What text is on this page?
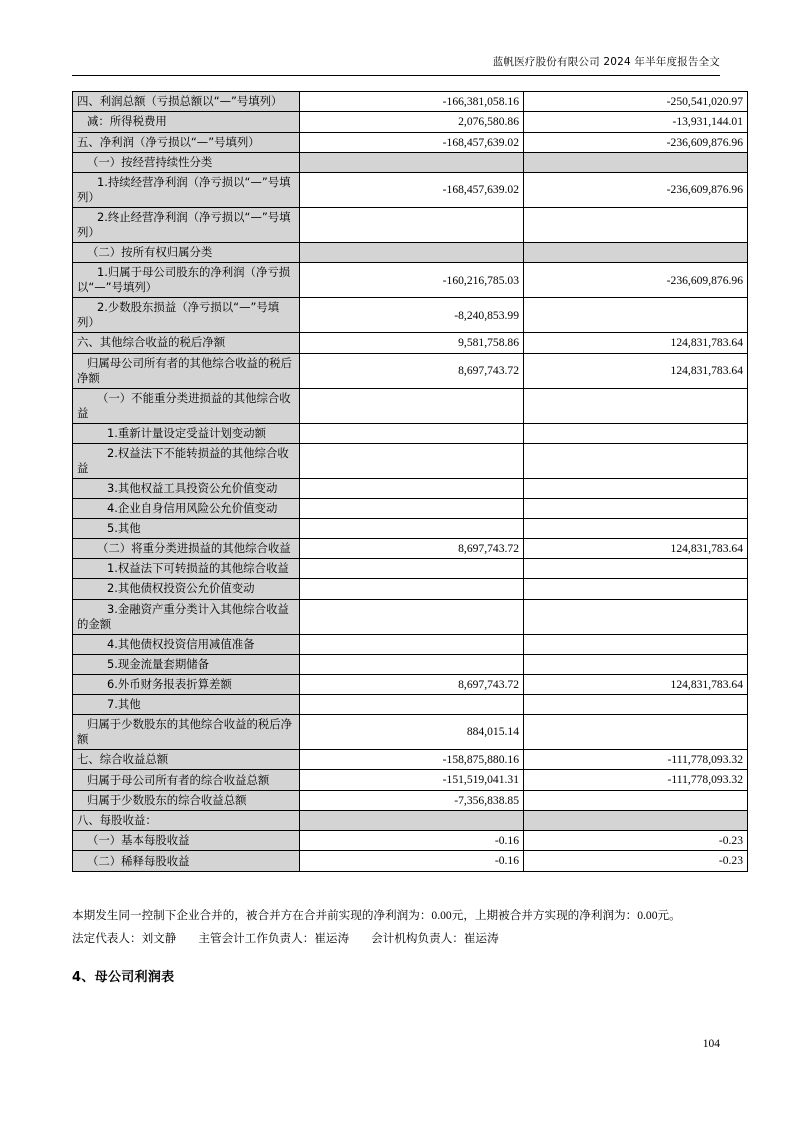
蓝帆医疗股份有限公司 2024 年半年度报告全文
四、利润总额（亏损总额以“—”号填列）	-166,381,058.16	-250,541,020.97
减：所得税费用	2,076,580.86	-13,931,144.01
五、净利润（净亏损以“—”号填列）	-168,457,639.02	-236,609,876.96
（一）按经营持续性分类		
1.持续经营净利润（净亏损以“—”号填列）	-168,457,639.02	-236,609,876.96
2.终止经营净利润（净亏损以“—”号填列）		
（二）按所有权归属分类		
1.归属于母公司股东的净利润（净亏损以“—”号填列）	-160,216,785.03	-236,609,876.96
2.少数股东损益（净亏损以“—”号填列）	-8,240,853.99	
六、其他综合收益的税后净额	9,581,758.86	124,831,783.64
归属母公司所有者的其他综合收益的税后净额	8,697,743.72	124,831,783.64
（一）不能重分类进损益的其他综合收益		
1.重新计量设定受益计划变动额		
2.权益法下不能转损益的其他综合收益		
3.其他权益工具投资公允价值变动		
4.企业自身信用风险公允价值变动		
5.其他		
（二）将重分类进损益的其他综合收益	8,697,743.72	124,831,783.64
1.权益法下可转损益的其他综合收益		
2.其他债权投资公允价值变动		
3.金融资产重分类计入其他综合收益的金额		
4.其他债权投资信用减值准备		
5.现金流量套期储备		
6.外币财务报表折算差额	8,697,743.72	124,831,783.64
7.其他		
归属于少数股东的其他综合收益的税后净额	884,015.14	
七、综合收益总额	-158,875,880.16	-111,778,093.32
归属于母公司所有者的综合收益总额	-151,519,041.31	-111,778,093.32
归属于少数股东的综合收益总额	-7,356,838.85	
八、每股收益：		
（一）基本每股收益	-0.16	-0.23
（二）稀释每股收益	-0.16	-0.23
本期发生同一控制下企业合并的，被合并方在合并前实现的净利润为：0.00元，上期被合并方实现的净利润为：0.00元。
法定代表人：刘文静 主管会计工作负责人：崔运涛 会计机构负责人：崔运涛
4、母公司利润表
104
